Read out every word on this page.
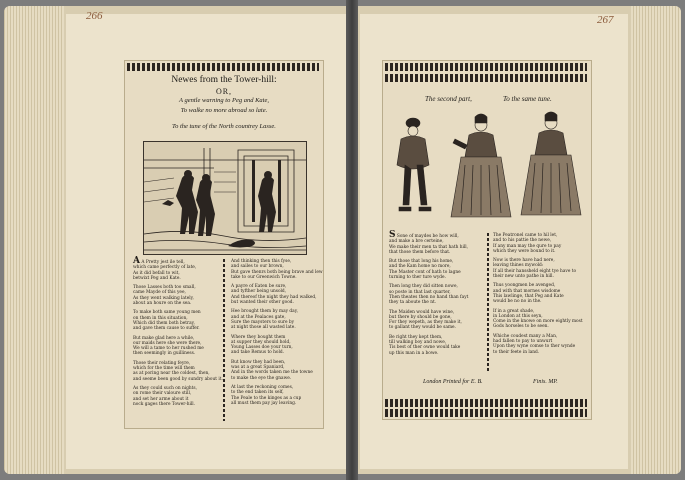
266	267
Newes from the Tower-hill:
OR,
A gentle warning to Peg and Kate,
To walke no more abroad so late.
To the tune of the North countrey Lasse.

A A Pretty jest ile tell,

which came perfectly of late,

As it did befall to wit,

betwixt Peg and Kate.

Those Lasses both too small,

came Mayde of this yee,

As they went walking lately,

about an houre on the sea.

To make both same young men

on them in this situation,

Which did them both betray,

and gave them cause to suffer.

But make glad here a while,

our maids here she were there,

We will a tame to her rushed me

then seemingly in guilliness.

Those their relating feyre,

which for the time will them

as at poring near the coldest, then,

and seeme been good by sundry about it.

As they could such on nights,

on rome their valoure still,

and set her arme about it

nock gages there Tower-hill.

And thinking then this fyse,

and sailes to our brown,

But gave thenrs both being brave and lew

take to our Greenwich Towne.

A payre of Eaten be sure,

and tyfther being unsold,

And thereof the night they had walked,

but wanted their other good.

Hee brought them by may day,

and at the Pealaces gate,

Sure the maysters to sure by

at night those all wasted late.

Where they bought them

at supper they should hold,

Young Lasses doe your turn,

and take Remus to hold.

But know they had been,

was at a great Spaniard,

And in the words taken me the towne

to make the eye the gnawe.

At last the reckoning comes,

to the end taken its self,

The Peale to the kinges as a cup

all must them pay jay leaving.

The second part,	To the same tune.

S Sone of maydes be how will,

and make a bre certeine,

We make their men ta that hath hill,

that those them before that.

But those that long his home,

and the Kam home no more,

The Master cont of hath to lagne

turning to ther ture wyde.

Then long they did sitten nowe,

so poste in that last quarter,

Then theates then no hand than fayt

they ta aboute the nt.

The Maiden would have wine,

but there by should be gone,

For they wepeth, as they make it,

to gallant they would be same.

Be right they kept them,

till walking boy and nowe,

Tis best of ther owne would take

up this man in a bowe.

The Peatronel came to hil let,

and to his pattie the newe,

If any man may the qure to pay

which they were bound to it.

Now is there have had nere,

leaving thines mywold:

If all their hanssheld eight tye have to

their new unto pathe in hill.

Thus yoongmen be avenged,

and with that mornes wisdome

This lawlinge, that Peg and Kate

would be no no in the.

If in a great shade,

in London at this seyn,

Come in the knowe on more eightly most

Gods horseles to be seen.

Whiche coudest many a Man,

had fallen to pay to unwurt

Upon they wyne comse to ther wynde

to their feete in land.

London Printed for E. B.	Finis. MP.
